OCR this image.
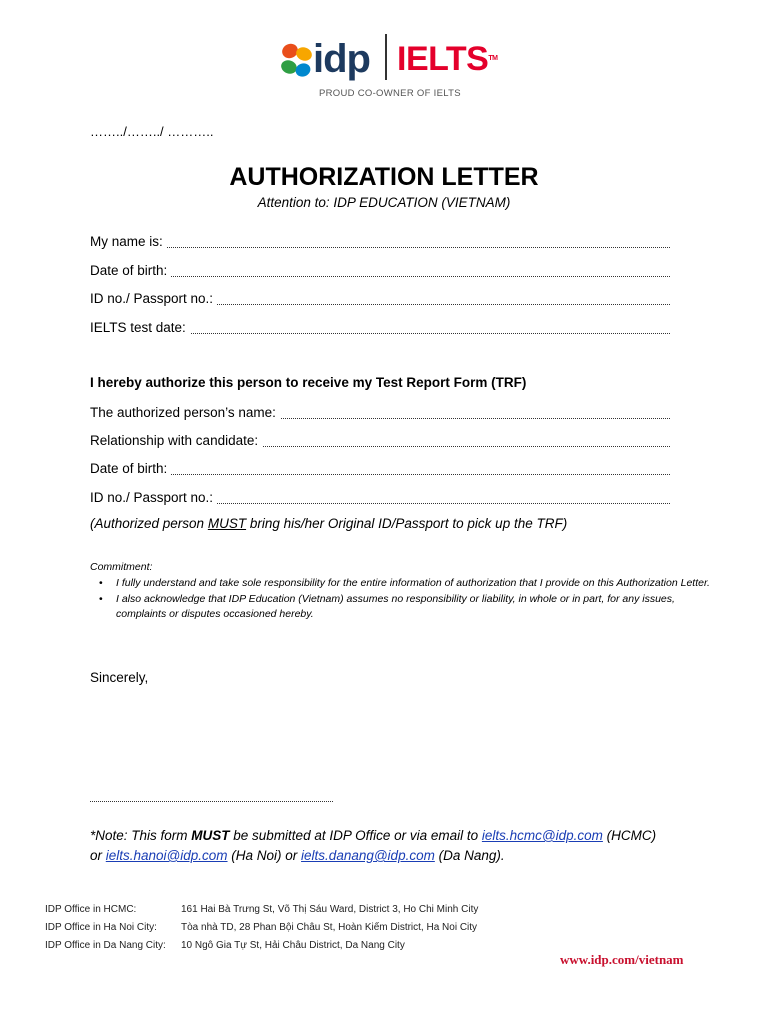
idp IELTS™
PROUD CO-OWNER OF IELTS
……../……../ ………..
AUTHORIZATION LETTER
Attention to: IDP EDUCATION (VIETNAM)
My name is:
Date of birth:
ID no./ Passport no.:
IELTS test date:
I hereby authorize this person to receive my Test Report Form (TRF)
The authorized person’s name:
Relationship with candidate:
Date of birth:
ID no./ Passport no.:
(Authorized person MUST bring his/her Original ID/Passport to pick up the TRF)
Commitment:
• I fully understand and take sole responsibility for the entire information of authorization that I provide on this Authorization Letter.
• I also acknowledge that IDP Education (Vietnam) assumes no responsibility or liability, in whole or in part, for any issues, complaints or disputes occasioned hereby.
Sincerely,
*Note: This form MUST be submitted at IDP Office or via email to ielts.hcmc@idp.com (HCMC)
or ielts.hanoi@idp.com (Ha Noi) or ielts.danang@idp.com (Da Nang).
IDP Office in HCMC:	161 Hai Bà Trưng St, Võ Thị Sáu Ward, District 3, Ho Chi Minh City
IDP Office in Ha Noi City: Tòa nhà TD, 28 Phan Bội Châu St, Hoàn Kiếm District, Ha Noi City
IDP Office in Da Nang City: 10 Ngô Gia Tự St, Hải Châu District, Da Nang City
www.idp.com/vietnam
